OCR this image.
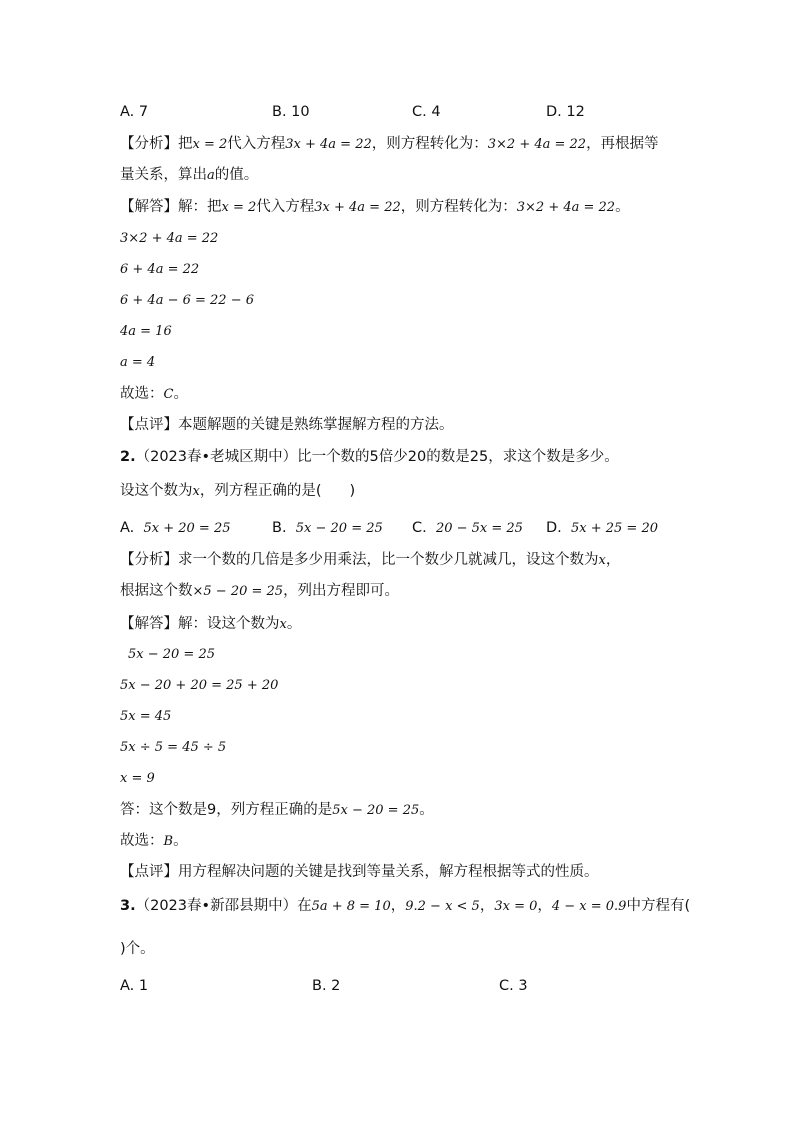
A. 7	B. 10	C. 4	D. 12
【分析】把x = 2代入方程3x + 4a = 22，则方程转化为：3×2 + 4a = 22，再根据等
量关系，算出a的值。
【解答】解：把x = 2代入方程3x + 4a = 22，则方程转化为：3×2 + 4a = 22。
3×2 + 4a = 22
6 + 4a = 22
6 + 4a − 6 = 22 − 6
4a = 16
a = 4
故选：C。
【点评】本题解题的关键是熟练掌握解方程的方法。
2.（2023春•老城区期中）比一个数的5倍少20的数是25，求这个数是多少。
设这个数为x，列方程正确的是( )
A. 5x + 20 = 25	B. 5x − 20 = 25 C. 20 − 5x = 25 D. 5x + 25 = 20
【分析】求一个数的几倍是多少用乘法，比一个数少几就减几，设这个数为x，
根据这个数×5 − 20 = 25，列出方程即可。
【解答】解：设这个数为x。
5x − 20 = 25
5x − 20 + 20 = 25 + 20
5x = 45
5x ÷ 5 = 45 ÷ 5
x = 9
答：这个数是9，列方程正确的是5x − 20 = 25。
故选：B。
【点评】用方程解决问题的关键是找到等量关系，解方程根据等式的性质。
3.（2023春•新邵县期中）在5a + 8 = 10，9.2 − x < 5，3x = 0，4 − x = 0.9中方程有(
)个。
A. 1	B. 2	C. 3
